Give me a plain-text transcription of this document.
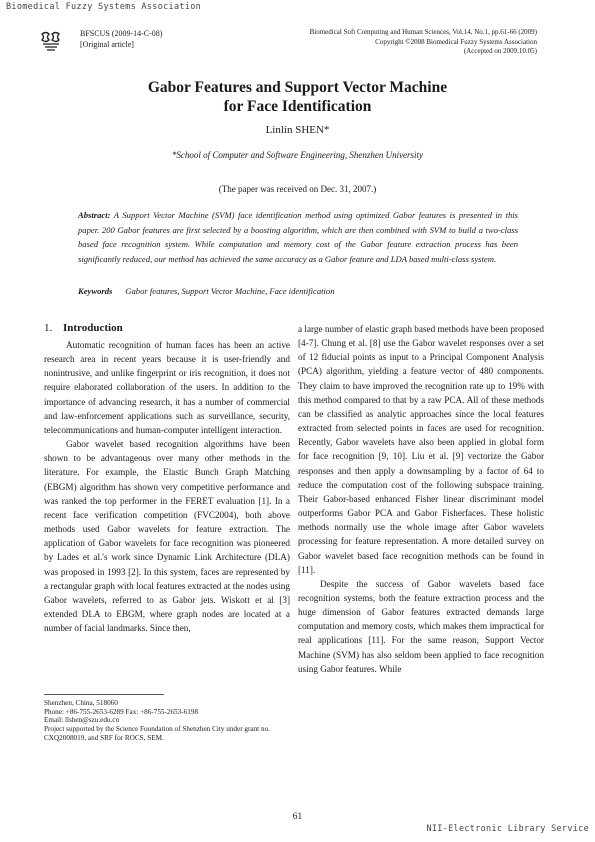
Biomedical Fuzzy Systems Association
BFSCUS (2009-14-C-08)
[Original article]
Biomedical Soft Computing and Human Sciences, Vol.14, No.1, pp.61-66 (2009)
Copyright ©2008 Biomedical Fuzzy Systems Association
(Accepted on 2009.10.05)
Gabor Features and Support Vector Machine
for Face Identification
Linlin SHEN*
*School of Computer and Software Engineering, Shenzhen University
(The paper was received on Dec. 31, 2007.)
Abstract: A Support Vector Machine (SVM) face identification method using optimized Gabor features is presented in this paper. 200 Gabor features are first selected by a boosting algorithm, which are then combined with SVM to build a two-class based face recognition system. While computation and memory cost of the Gabor feature extraction process has been significantly reduced, our method has achieved the same accuracy as a Gabor feature and LDA based multi-class system.
Keywords Gabor features, Support Vector Machine, Face identification
1. Introduction

Automatic recognition of human faces has been an active research area in recent years because it is user-friendly and nonintrusive, and unlike fingerprint or iris recognition, it does not require elaborated collaboration of the users. In addition to the importance of advancing research, it has a number of commercial and law-enforcement applications such as surveillance, security, telecommunications and human-computer intelligent interaction.

Gabor wavelet based recognition algorithms have been shown to be advantageous over many other methods in the literature. For example, the Elastic Bunch Graph Matching (EBGM) algorithm has shown very competitive performance and was ranked the top performer in the FERET evaluation [1]. In a recent face verification competition (FVC2004), both above methods used Gabor wavelets for feature extraction. The application of Gabor wavelets for face recognition was pioneered by Lades et al.'s work since Dynamic Link Architecture (DLA) was proposed in 1993 [2]. In this system, faces are represented by a rectangular graph with local features extracted at the nodes using Gabor wavelets, referred to as Gabor jets. Wiskott et al [3] extended DLA to EBGM, where graph nodes are located at a number of facial landmarks. Since then,

a large number of elastic graph based methods have been proposed [4-7]. Chung et al. [8] use the Gabor wavelet responses over a set of 12 fiducial points as input to a Principal Component Analysis (PCA) algorithm, yielding a feature vector of 480 components. They claim to have improved the recognition rate up to 19% with this method compared to that by a raw PCA. All of these methods can be classified as analytic approaches since the local features extracted from selected points in faces are used for recognition. Recently, Gabor wavelets have also been applied in global form for face recognition [9, 10]. Liu et al. [9] vectorize the Gabor responses and then apply a downsampling by a factor of 64 to reduce the computation cost of the following subspace training. Their Gabor-based enhanced Fisher linear discriminant model outperforms Gabor PCA and Gabor Fisherfaces. These holistic methods normally use the whole image after Gabor wavelets processing for feature representation. A more detailed survey on Gabor wavelet based face recognition methods can be found in [11].

Despite the success of Gabor wavelets based face recognition systems, both the feature extraction process and the huge dimension of Gabor features extracted demands large computation and memory costs, which makes them impractical for real applications [11]. For the same reason, Support Vector Machine (SVM) has also seldom been applied to face recognition using Gabor features. While

Shenzhen, China, 518060
Phone: +86-755-2653-6289 Fax: +86-755-2653-6198
Email: llshen@szu.edu.cn
Project supported by the Science Foundation of Shenzhen City under grant no. CXQ2008019, and SRF for ROCS, SEM.
61
NII-Electronic Library Service
